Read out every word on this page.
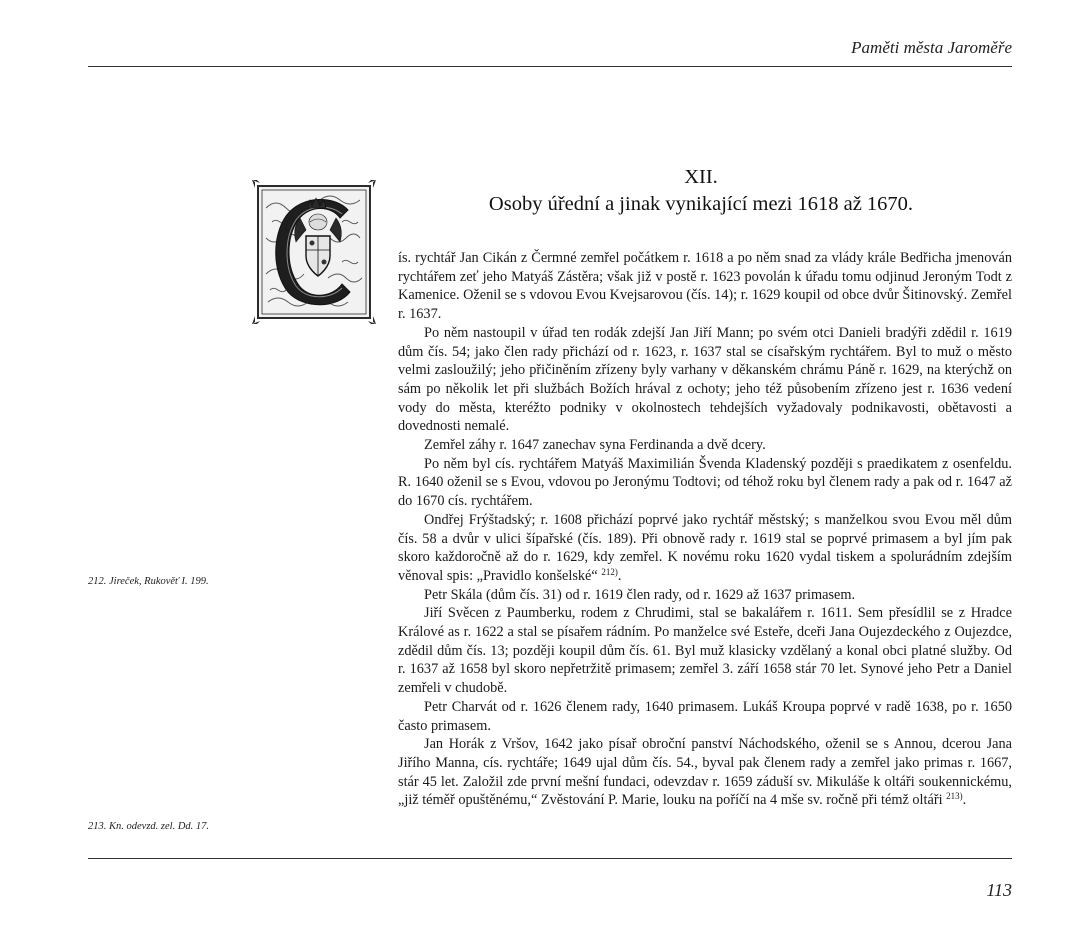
Paměti města Jaroměře
XII.
Osoby úřední a jinak vynikající mezi 1618 až 1670.

ís. rychtář Jan Cikán z Čermné zemřel počátkem r. 1618 a po něm snad za vlády krále Bedřicha jmenován rychtářem zeť jeho Matyáš Zástěra; však již v postě r. 1623 povolán k úřadu tomu odjinud Jeroným Todt z Kamenice. Oženil se s vdovou Evou Kvejsarovou (čís. 14); r. 1629 koupil od obce dvůr Šitinovský. Zemřel r. 1637.

Po něm nastoupil v úřad ten rodák zdejší Jan Jiří Mann; po svém otci Danieli bradýři zdědil r. 1619 dům čís. 54; jako člen rady přichází od r. 1623, r. 1637 stal se císařským rychtářem. Byl to muž o město velmi zasloužilý; jeho přičiněním zřízeny byly varhany v děkanském chrámu Páně r. 1629, na kterýchž on sám po několik let při službách Božích hrával z ochoty; jeho též působením zřízeno jest r. 1636 vedení vody do města, kteréžto podniky v okolnostech tehdejších vyžadovaly podnikavosti, obětavosti a dovednosti nemalé.

Zemřel záhy r. 1647 zanechav syna Ferdinanda a dvě dcery.

Po něm byl cís. rychtářem Matyáš Maximilián Švenda Kladenský později s praedikatem z osenfeldu. R. 1640 oženil se s Evou, vdovou po Jeronýmu Todtovi; od téhož roku byl členem rady a pak od r. 1647 až do 1670 cís. rychtářem.

Ondřej Frýštadský; r. 1608 přichází poprvé jako rychtář městský; s manželkou svou Evou měl dům čís. 58 a dvůr v ulici šípařské (čís. 189). Při obnově rady r. 1619 stal se poprvé primasem a byl jím pak skoro každoročně až do r. 1629, kdy zemřel. K novému roku 1620 vydal tiskem a spolurádním zdejším věnoval spis: „Pravidlo konšelské“ $^{212)}$.

Petr Skála (dům čís. 31) od r. 1619 člen rady, od r. 1629 až 1637 primasem.

Jiří Svěcen z Paumberku, rodem z Chrudimi, stal se bakalářem r. 1611. Sem přesídlil se z Hradce Králové as r. 1622 a stal se písařem rádním. Po manželce své Esteře, dceři Jana Oujezdeckého z Oujezdce, zdědil dům čís. 13; později koupil dům čís. 61. Byl muž klasicky vzdělaný a konal obci platné služby. Od r. 1637 až 1658 byl skoro nepřetržitě primasem; zemřel 3. září 1658 stár 70 let. Synové jeho Petr a Daniel zemřeli v chudobě.

Petr Charvát od r. 1626 členem rady, 1640 primasem. Lukáš Kroupa poprvé v radě 1638, po r. 1650 často primasem.

Jan Horák z Vršov, 1642 jako písař obroční panství Náchodského, oženil se s Annou, dcerou Jana Jiřího Manna, cís. rychtáře; 1649 ujal dům čís. 54., byval pak členem rady a zemřel jako primas r. 1667, stár 45 let. Založil zde první mešní fundaci, odevzdav r. 1659 záduší sv. Mikuláše k oltáři soukennickému, „již téměř opuštěnému,“ Zvěstování P. Marie, louku na poříčí na 4 mše sv. ročně při témž oltáři $^{213)}$.

212. Jireček, Rukověť I. 199.
213. Kn. odevzd. zel. Dd. 17.
113
